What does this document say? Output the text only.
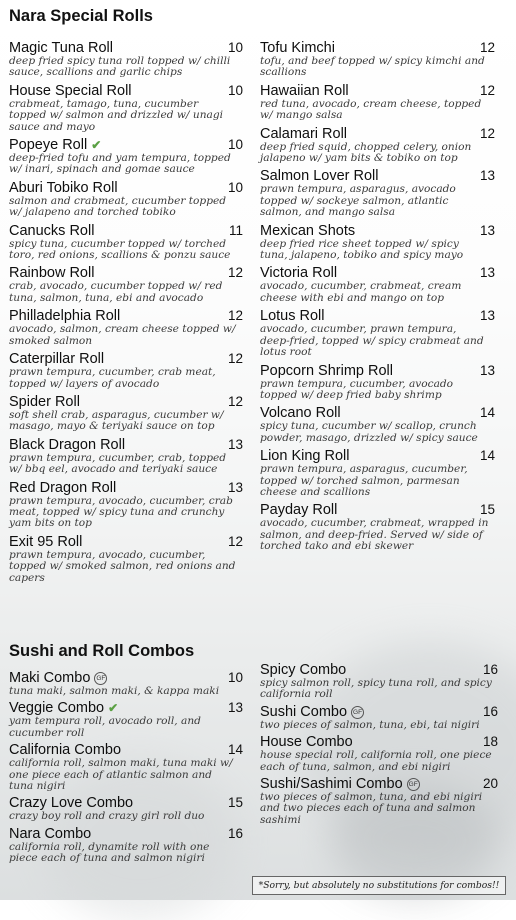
Nara Special Rolls
Magic Tuna Roll	10
deep fried spicy tuna roll topped w/ chilli sauce, scallions and garlic chips
House Special Roll	10
crabmeat, tamago, tuna, cucumber topped w/ salmon and drizzled w/ unagi sauce and mayo
Popeye Roll ✔	10
deep-fried tofu and yam tempura, topped w/ inari, spinach and gomae sauce
Aburi Tobiko Roll	10
salmon and crabmeat, cucumber topped w/ jalapeno and torched tobiko
Canucks Roll	11
spicy tuna, cucumber topped w/ torched toro, red onions, scallions & ponzu sauce
Rainbow Roll	12
crab, avocado, cucumber topped w/ red tuna, salmon, tuna, ebi and avocado
Philladelphia Roll	12
avocado, salmon, cream cheese topped w/ smoked salmon
Caterpillar Roll	12
prawn tempura, cucumber, crab meat, topped w/ layers of avocado
Spider Roll	12
soft shell crab, asparagus, cucumber w/ masago, mayo & teriyaki sauce on top
Black Dragon Roll	13
prawn tempura, cucumber, crab, topped w/ bbq eel, avocado and teriyaki sauce
Red Dragon Roll	13
prawn tempura, avocado, cucumber, crab meat, topped w/ spicy tuna and crunchy yam bits on top
Exit 95 Roll	12
prawn tempura, avocado, cucumber, topped w/ smoked salmon, red onions and capers
Tofu Kimchi	12
tofu, and beef topped w/ spicy kimchi and scallions
Hawaiian Roll	12
red tuna, avocado, cream cheese, topped w/ mango salsa
Calamari Roll	12
deep fried squid, chopped celery, onion jalapeno w/ yam bits & tobiko on top
Salmon Lover Roll	13
prawn tempura, asparagus, avocado topped w/ sockeye salmon, atlantic salmon, and mango salsa
Mexican Shots	13
deep fried rice sheet topped w/ spicy tuna, jalapeno, tobiko and spicy mayo
Victoria Roll	13
avocado, cucumber, crabmeat, cream cheese with ebi and mango on top
Lotus Roll	13
avocado, cucumber, prawn tempura, deep-fried, topped w/ spicy crabmeat and lotus root
Popcorn Shrimp Roll	13
prawn tempura, cucumber, avocado topped w/ deep fried baby shrimp
Volcano Roll	14
spicy tuna, cucumber w/ scallop, crunch powder, masago, drizzled w/ spicy sauce
Lion King Roll	14
prawn tempura, asparagus, cucumber, topped w/ torched salmon, parmesan cheese and scallions
Payday Roll	15
avocado, cucumber, crabmeat, wrapped in salmon, and deep-fried. Served w/ side of torched tako and ebi skewer
Sushi and Roll Combos
Maki Combo GF	10
tuna maki, salmon maki, & kappa maki
Veggie Combo ✔	13
yam tempura roll, avocado roll, and cucumber roll
California Combo	14
california roll, salmon maki, tuna maki w/ one piece each of atlantic salmon and tuna nigiri
Crazy Love Combo	15
crazy boy roll and crazy girl roll duo
Nara Combo	16
california roll, dynamite roll with one piece each of tuna and salmon nigiri
Spicy Combo	16
spicy salmon roll, spicy tuna roll, and spicy california roll
Sushi Combo GF	16
two pieces of salmon, tuna, ebi, tai nigiri
House Combo	18
house special roll, california roll, one piece each of tuna, salmon, and ebi nigiri
Sushi/Sashimi Combo GF	20
two pieces of salmon, tuna, and ebi nigiri and two pieces each of tuna and salmon sashimi
*Sorry, but absolutely no substitutions for combos!!
